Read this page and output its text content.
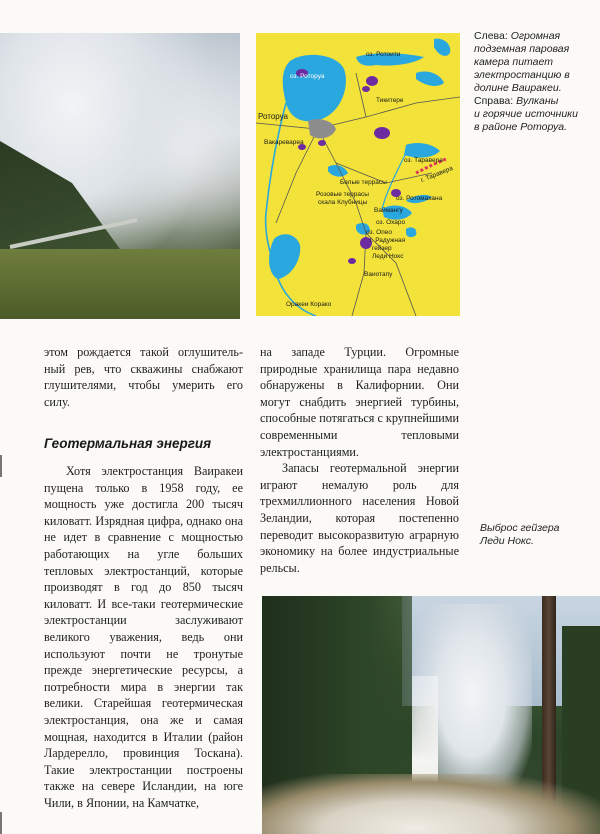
оз. Ротоити
оз. Роторуа
Тикитере
Роторуа
Вакаревареа
оз. Таравера
г. Таравера
Белые террасы
Розовые террасы
скала Клубницы
оз. Ротомахана
Ваймангу
оз. Охаро
оз. Опео
г. Радужная
гейзер
Леди Нокс
Ваиотапу
Оракеи Корако
Слева: Огромная
подземная паровая
камера питает
электростанцию в
долине Ваиракеи.
Справа: Вулканы
и горячие источники
в районе Роторуа.

этом рождается такой оглушитель-ный рев, что скважины снабжают глушителями, чтобы умерить его силу.

Геотермальная энергия

Хотя электростанция Ваиракеи пущена только в 1958 году, ее мощность уже достигла 200 тысяч киловатт. Изрядная цифра, однако она не идет в сравнение с мощностью работающих на угле больших тепловых электростанций, которые производят в год до 850 тысяч киловатт. И все-таки геотермические электростанции заслуживают великого уважения, ведь они используют почти не тронутые прежде энергетические ресурсы, а потребности мира в энергии так велики. Старейшая геотермическая электростанция, она же и самая мощная, находится в Италии (район Лардерелло, провинция Тоскана). Такие электростанции построены также на севере Исландии, на юге Чили, в Японии, на Камчатке,

на западе Турции. Огромные природные хранилища пара недавно обнаружены в Калифорнии. Они могут снабдить энергией турбины, способные потягаться с крупнейшими современными тепловыми электростанциями.

Запасы геотермальной энергии играют немалую роль для трехмиллионного населения Новой Зеландии, которая постепенно переводит высокоразвитую аграрную экономику на более индустриальные рельсы.

Выброс гейзера
Леди Нокс.
